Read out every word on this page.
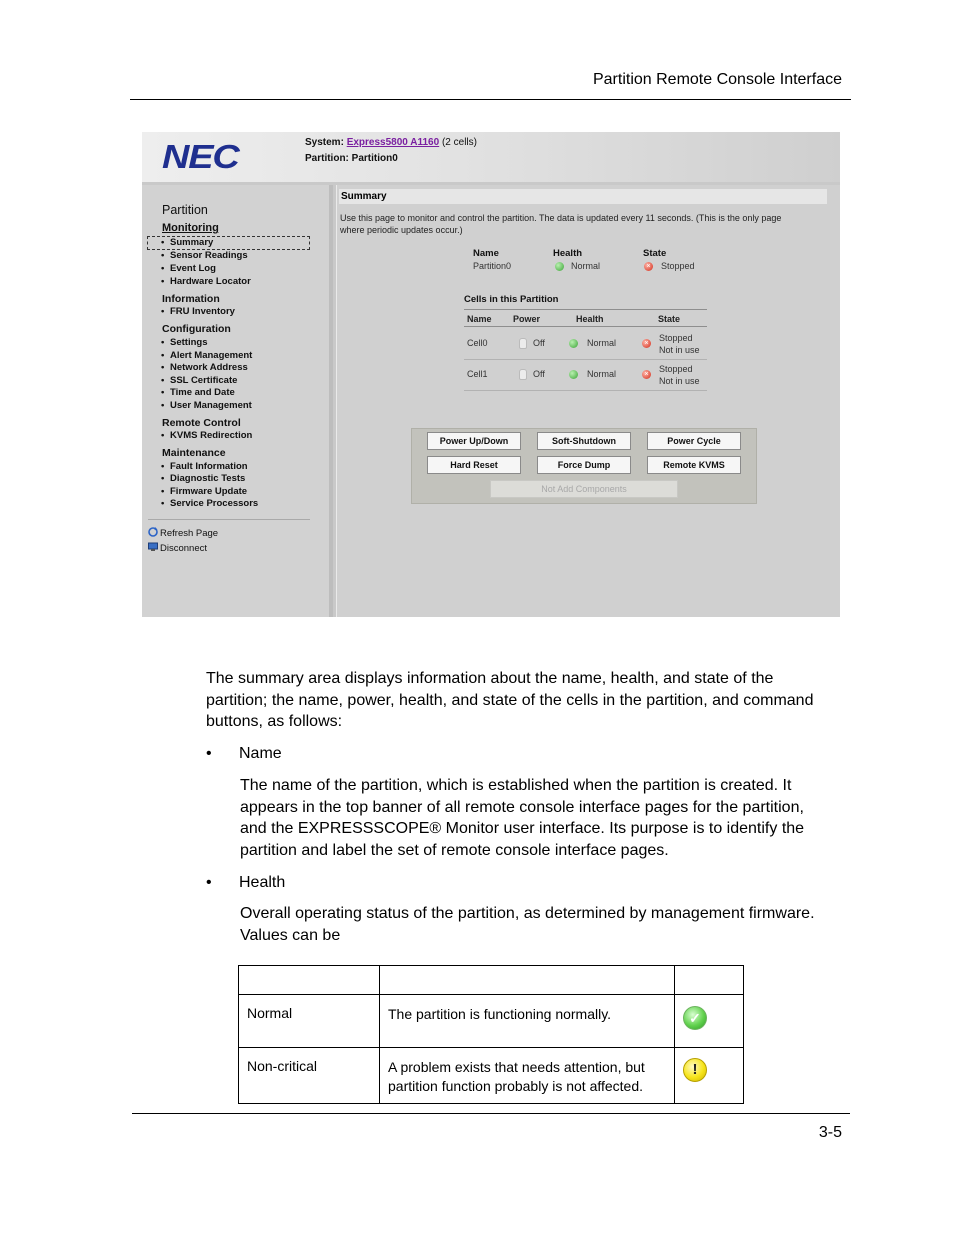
Partition Remote Console Interface
NEC	System: Express5800 A1160 (2 cells)
Partition: Partition0
Partition
Monitoring
• Summary
• Sensor Readings
• Event Log
• Hardware Locator
Information
• FRU Inventory
Configuration
• Settings
• Alert Management
• Network Address
• SSL Certificate
• Time and Date
• User Management
Remote Control
• KVMS Redirection
Maintenance
• Fault Information
• Diagnostic Tests
• Firmware Update
• Service Processors
Refresh Page
Disconnect
Summary
Use this page to monitor and control the partition. The data is updated every 11 seconds. (This is the only page
where periodic updates occur.)
Name
Partition0
Health
Normal
State
× Stopped
Cells in this Partition
Name Power	Health	State
Cell0	Off	Normal	×
Stopped
Not in use
Cell1	Off	Normal	×
Stopped
Not in use
Power Up/Down	Soft-Shutdown	Power Cycle
Hard Reset	Force Dump	Remote KVMS
Not Add Components
The summary area displays information about the name, health, and state of the
partition; the name, power, health, and state of the cells in the partition, and command
buttons, as follows:
• Name
The name of the partition, which is established when the partition is created. It
appears in the top banner of all remote console interface pages for the partition,
and the EXPRESSSCOPE® Monitor user interface. Its purpose is to identify the
partition and label the set of remote console interface pages.
• Health
Overall operating status of the partition, as determined by management firmware.
Values can be

Normal	The partition is functioning normally.	✓
Non-critical	A problem exists that needs attention, but
partition function probably is not affected.	!
3-5
